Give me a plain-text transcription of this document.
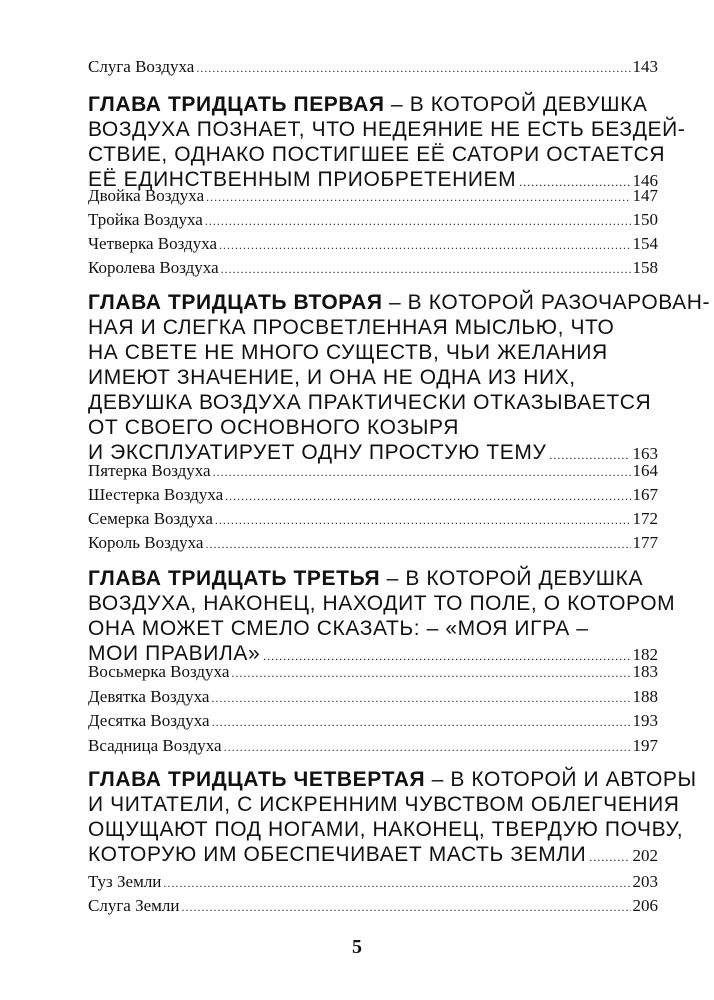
Слуга Воздуха .....	143
ГЛАВА ТРИДЦАТЬ ПЕРВАЯ – В КОТОРОЙ ДЕВУШКА
ВОЗДУХА ПОЗНАЕТ, ЧТО НЕДЕЯНИЕ НЕ ЕСТЬ БЕЗДЕЙ-
СТВИЕ, ОДНАКО ПОСТИГШЕЕ ЕЁ САТОРИ ОСТАЕТСЯ
ЕЁ ЕДИНСТВЕННЫМ ПРИОБРЕТЕНИЕМ .....	146
Двойка Воздуха .....	147
Тройка Воздуха .....	150
Четверка Воздуха .....	154
Королева Воздуха .....	158
ГЛАВА ТРИДЦАТЬ ВТОРАЯ – В КОТОРОЙ РАЗОЧАРОВАН-
НАЯ И СЛЕГКА ПРОСВЕТЛЕННАЯ МЫСЛЬЮ, ЧТО
НА СВЕТЕ НЕ МНОГО СУЩЕСТВ, ЧЬИ ЖЕЛАНИЯ
ИМЕЮТ ЗНАЧЕНИЕ, И ОНА НЕ ОДНА ИЗ НИХ,
ДЕВУШКА ВОЗДУХА ПРАКТИЧЕСКИ ОТКАЗЫВАЕТСЯ
ОТ СВОЕГО ОСНОВНОГО КОЗЫРЯ
И ЭКСПЛУАТИРУЕТ ОДНУ ПРОСТУЮ ТЕМУ .....	163
Пятерка Воздуха .....	164
Шестерка Воздуха .....	167
Семерка Воздуха .....	172
Король Воздуха .....	177
ГЛАВА ТРИДЦАТЬ ТРЕТЬЯ – В КОТОРОЙ ДЕВУШКА
ВОЗДУХА, НАКОНЕЦ, НАХОДИТ ТО ПОЛЕ, О КОТОРОМ
ОНА МОЖЕТ СМЕЛО СКАЗАТЬ: – «МОЯ ИГРА –
МОИ ПРАВИЛА» .....	182
Восьмерка Воздуха .....	183
Девятка Воздуха .....	188
Десятка Воздуха .....	193
Всадница Воздуха .....	197
ГЛАВА ТРИДЦАТЬ ЧЕТВЕРТАЯ – В КОТОРОЙ И АВТОРЫ
И ЧИТАТЕЛИ, С ИСКРЕННИМ ЧУВСТВОМ ОБЛЕГЧЕНИЯ
ОЩУЩАЮТ ПОД НОГАМИ, НАКОНЕЦ, ТВЕРДУЮ ПОЧВУ,
КОТОРУЮ ИМ ОБЕСПЕЧИВАЕТ МАСТЬ ЗЕМЛИ .....	202
Туз Земли .....	203
Слуга Земли .....	206
5
